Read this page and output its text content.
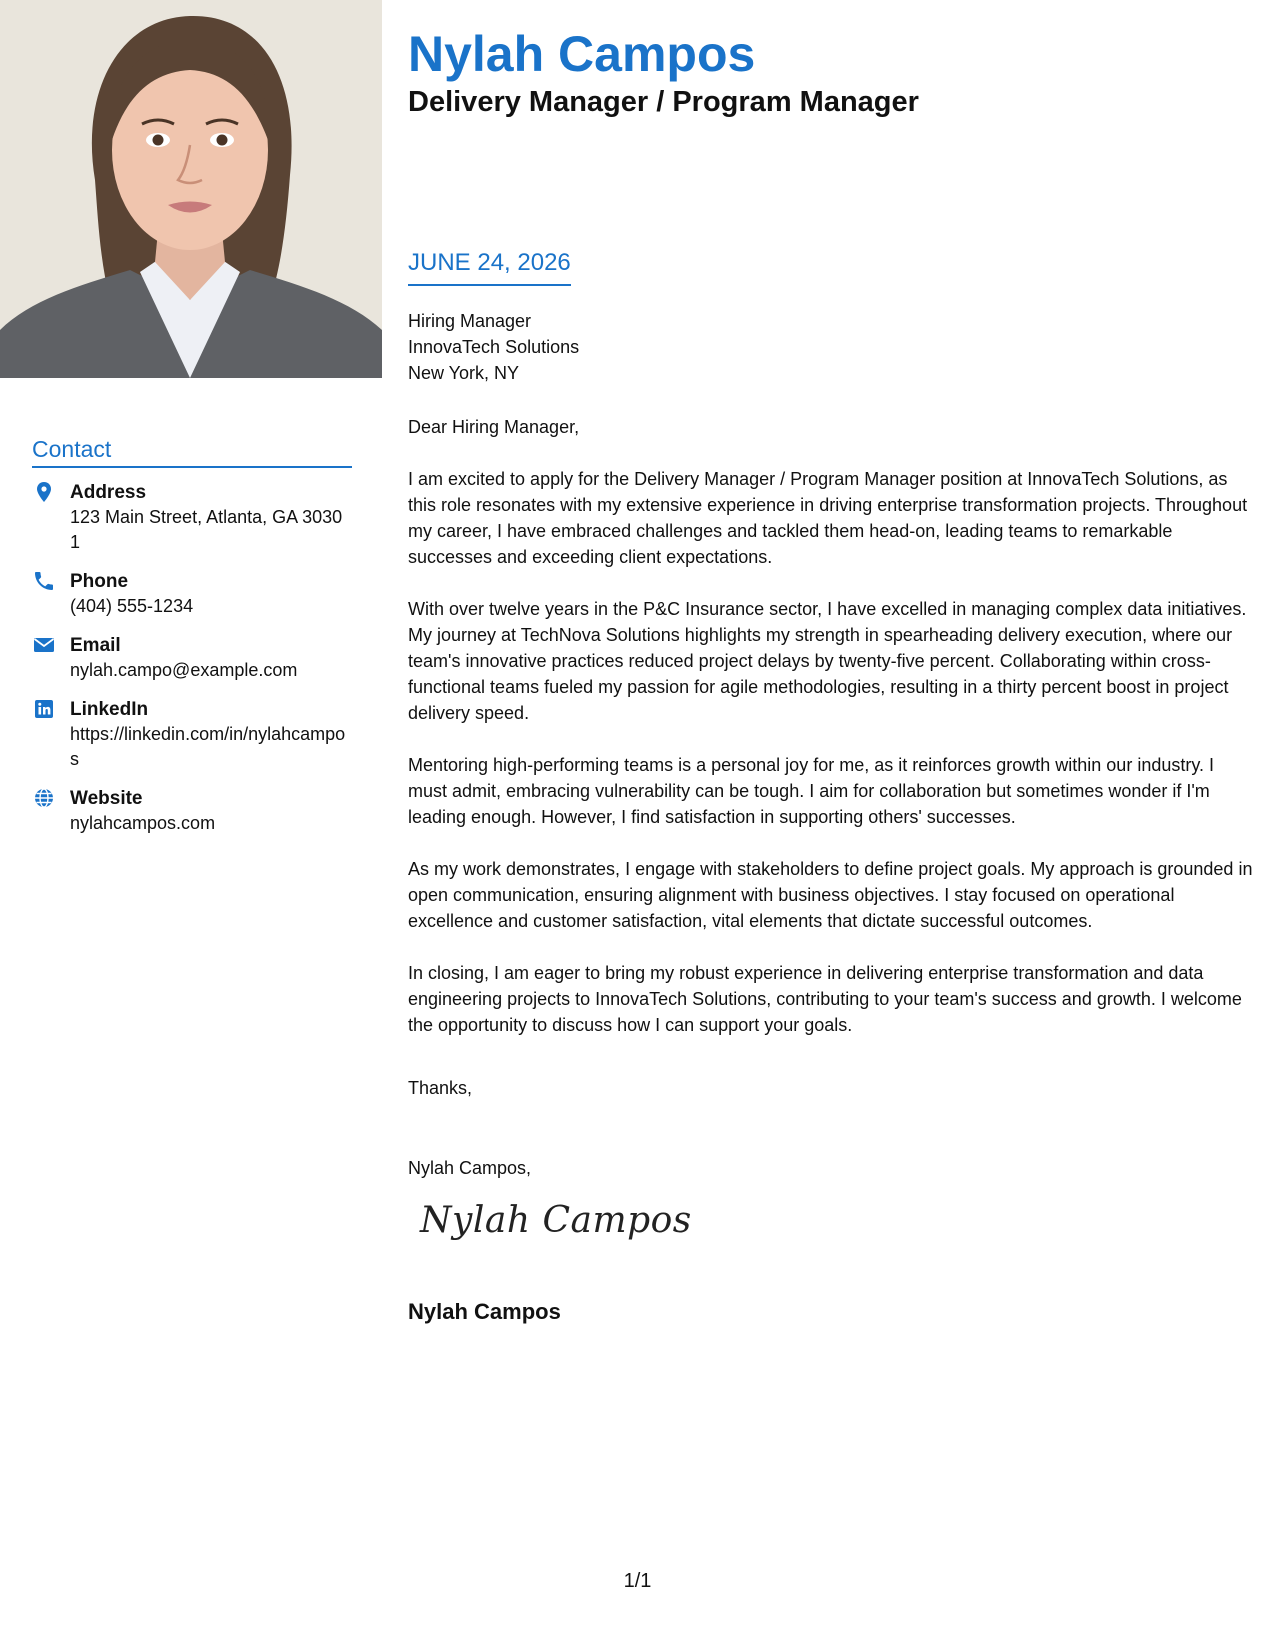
Contact
Address
123 Main Street, Atlanta, GA 30301
Phone
(404) 555-1234
Email
nylah.campo@example.com
LinkedIn
https://linkedin.com/in/nylahcampos
Website
nylahcampos.com
Nylah Campos
Delivery Manager / Program Manager
JUNE 24, 2026
Hiring Manager
InnovaTech Solutions
New York, NY

Dear Hiring Manager,

I am excited to apply for the Delivery Manager / Program Manager position at InnovaTech Solutions, as this role resonates with my extensive experience in driving enterprise transformation projects. Throughout my career, I have embraced challenges and tackled them head-on, leading teams to remarkable successes and exceeding client expectations.

With over twelve years in the P&C Insurance sector, I have excelled in managing complex data initiatives. My journey at TechNova Solutions highlights my strength in spearheading delivery execution, where our team's innovative practices reduced project delays by twenty-five percent. Collaborating within cross-functional teams fueled my passion for agile methodologies, resulting in a thirty percent boost in project delivery speed.

Mentoring high-performing teams is a personal joy for me, as it reinforces growth within our industry. I must admit, embracing vulnerability can be tough. I aim for collaboration but sometimes wonder if I'm leading enough. However, I find satisfaction in supporting others' successes.

As my work demonstrates, I engage with stakeholders to define project goals. My approach is grounded in open communication, ensuring alignment with business objectives. I stay focused on operational excellence and customer satisfaction, vital elements that dictate successful outcomes.

In closing, I am eager to bring my robust experience in delivering enterprise transformation and data engineering projects to InnovaTech Solutions, contributing to your team's success and growth. I welcome the opportunity to discuss how I can support your goals.

Thanks,
Nylah Campos,
Nylah Campos
Nylah Campos
1/1
